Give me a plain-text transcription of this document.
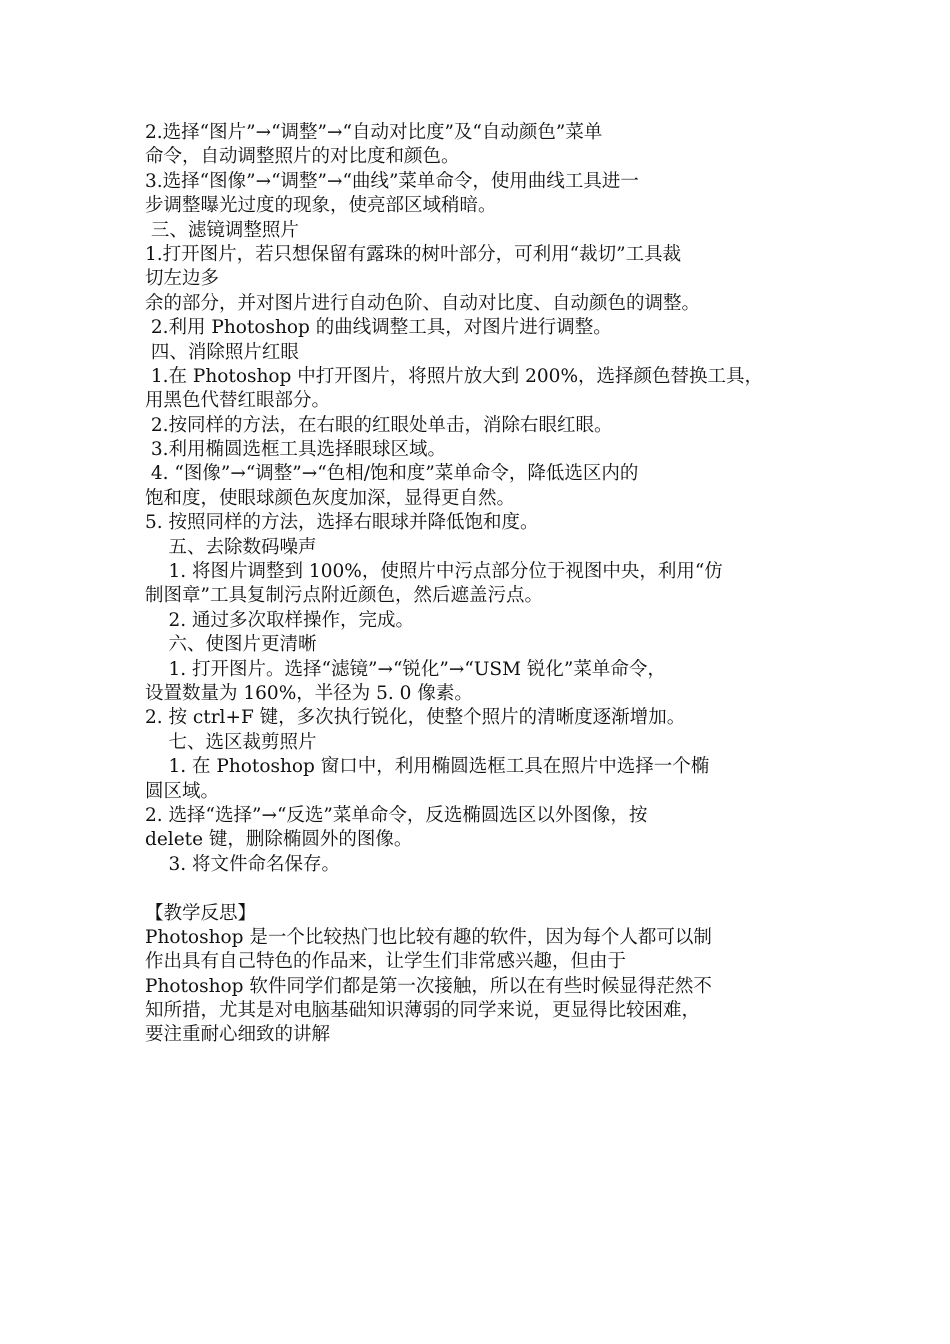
2.选择“图片”→“调整”→“自动对比度”及“自动颜色”菜单
命令，自动调整照片的对比度和颜色。
3.选择“图像”→“调整”→“曲线”菜单命令，使用曲线工具进一
步调整曝光过度的现象，使亮部区域稍暗。
三、滤镜调整照片
1.打开图片，若只想保留有露珠的树叶部分，可利用“裁切”工具裁
切左边多
余的部分，并对图片进行自动色阶、自动对比度、自动颜色的调整。
2.利用 Photoshop 的曲线调整工具，对图片进行调整。
四、消除照片红眼
1.在 Photoshop 中打开图片，将照片放大到 200%，选择颜色替换工具，
用黑色代替红眼部分。
2.按同样的方法，在右眼的红眼处单击，消除右眼红眼。
3.利用椭圆选框工具选择眼球区域。
4. “图像”→“调整”→“色相/饱和度”菜单命令，降低选区内的
饱和度，使眼球颜色灰度加深，显得更自然。
5. 按照同样的方法，选择右眼球并降低饱和度。
五、去除数码噪声
1. 将图片调整到 100%，使照片中污点部分位于视图中央，利用“仿
制图章”工具复制污点附近颜色，然后遮盖污点。
2. 通过多次取样操作，完成。
六、使图片更清晰
1. 打开图片。选择“滤镜”→“锐化”→“USM 锐化”菜单命令，
设置数量为 160%，半径为 5. 0 像素。
2. 按 ctrl+F 键，多次执行锐化，使整个照片的清晰度逐渐增加。
七、选区裁剪照片
1. 在 Photoshop 窗口中，利用椭圆选框工具在照片中选择一个椭
圆区域。
2. 选择“选择”→“反选”菜单命令，反选椭圆选区以外图像，按
delete 键，删除椭圆外的图像。
3. 将文件命名保存。
【教学反思】
Photoshop 是一个比较热门也比较有趣的软件，因为每个人都可以制
作出具有自己特色的作品来，让学生们非常感兴趣，但由于
Photoshop 软件同学们都是第一次接触，所以在有些时候显得茫然不
知所措，尤其是对电脑基础知识薄弱的同学来说，更显得比较困难，
要注重耐心细致的讲解
